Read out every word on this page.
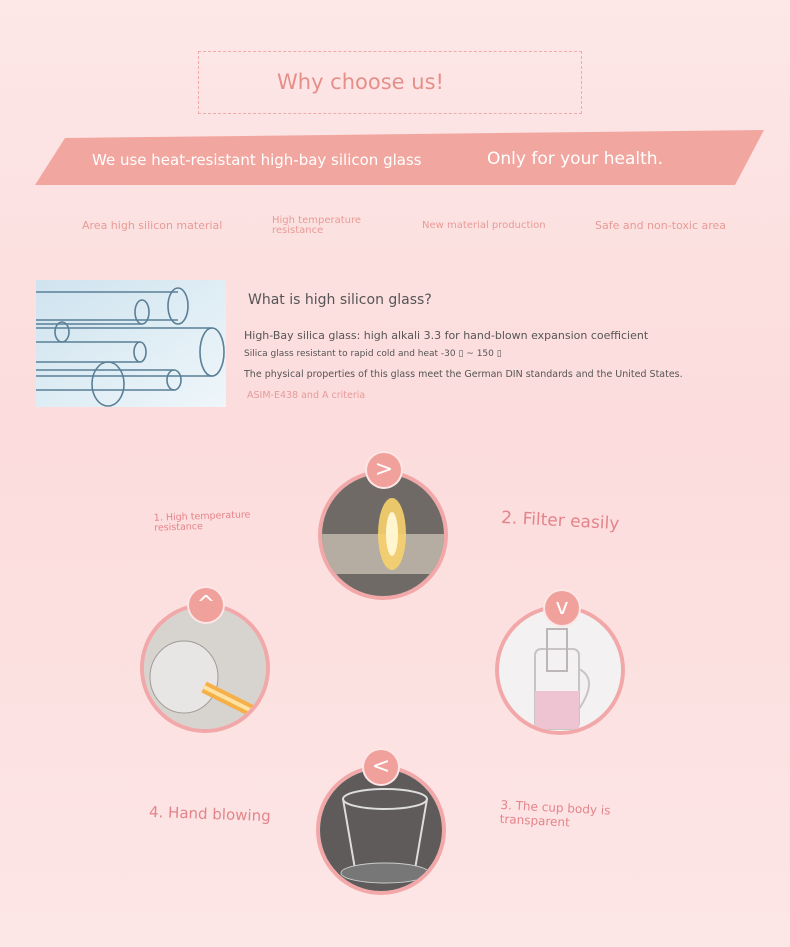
Why choose us!
We use heat-resistant high-bay silicon glass	Only for your health.
Area high silicon material	High temperature resistance	New material production	Safe and non-toxic area
What is high silicon glass?
High-Bay silica glass: high alkali 3.3 for hand-blown expansion coefficient
Silica glass resistant to rapid cold and heat -30 ▯ ~ 150 ▯
The physical properties of this glass meet the German DIN standards and the United States.
ASIM-E438 and A criteria
>
2. Filter easily
^
1. High temperature resistance
v
3. The cup body is transparent
<
4. Hand blowing
